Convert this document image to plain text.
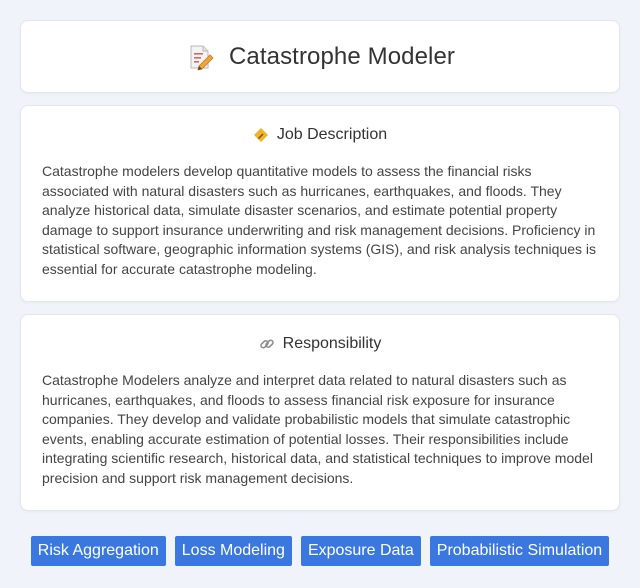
Catastrophe Modeler
Job Description

Catastrophe modelers develop quantitative models to assess the financial risks associated with natural disasters such as hurricanes, earthquakes, and floods. They analyze historical data, simulate disaster scenarios, and estimate potential property damage to support insurance underwriting and risk management decisions. Proficiency in statistical software, geographic information systems (GIS), and risk analysis techniques is essential for accurate catastrophe modeling.

Responsibility

Catastrophe Modelers analyze and interpret data related to natural disasters such as hurricanes, earthquakes, and floods to assess financial risk exposure for insurance companies. They develop and validate probabilistic models that simulate catastrophic events, enabling accurate estimation of potential losses. Their responsibilities include integrating scientific research, historical data, and statistical techniques to improve model precision and support risk management decisions.

Risk Aggregation	Loss Modeling	Exposure Data	Probabilistic Simulation
